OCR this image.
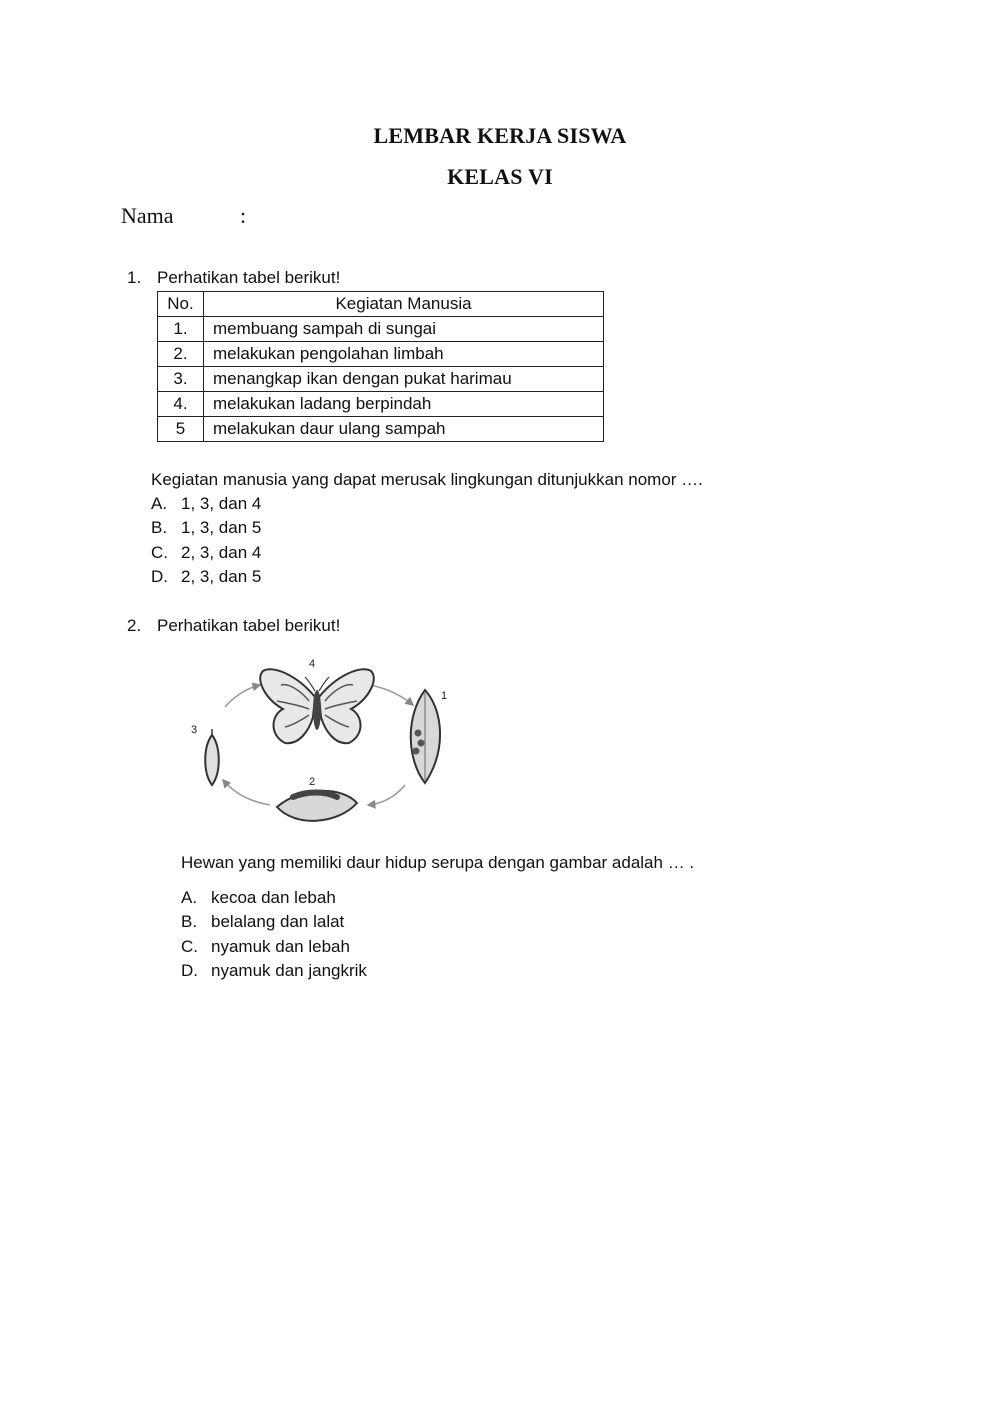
LEMBAR KERJA SISWA
KELAS VI
Nama	:
1. Perhatikan tabel berikut!
No.	Kegiatan Manusia
1.	membuang sampah di sungai
2.	melakukan pengolahan limbah
3.	menangkap ikan dengan pukat harimau
4.	melakukan ladang berpindah
5	melakukan daur ulang sampah
Kegiatan manusia yang dapat merusak lingkungan ditunjukkan nomor ….
A. 1, 3, dan 4
B. 1, 3, dan 5
C. 2, 3, dan 4
D. 2, 3, dan 5
2. Perhatikan tabel berikut!
4
1
3
2
Hewan yang memiliki daur hidup serupa dengan gambar adalah … .
A. kecoa dan lebah
B. belalang dan lalat
C. nyamuk dan lebah
D. nyamuk dan jangkrik
